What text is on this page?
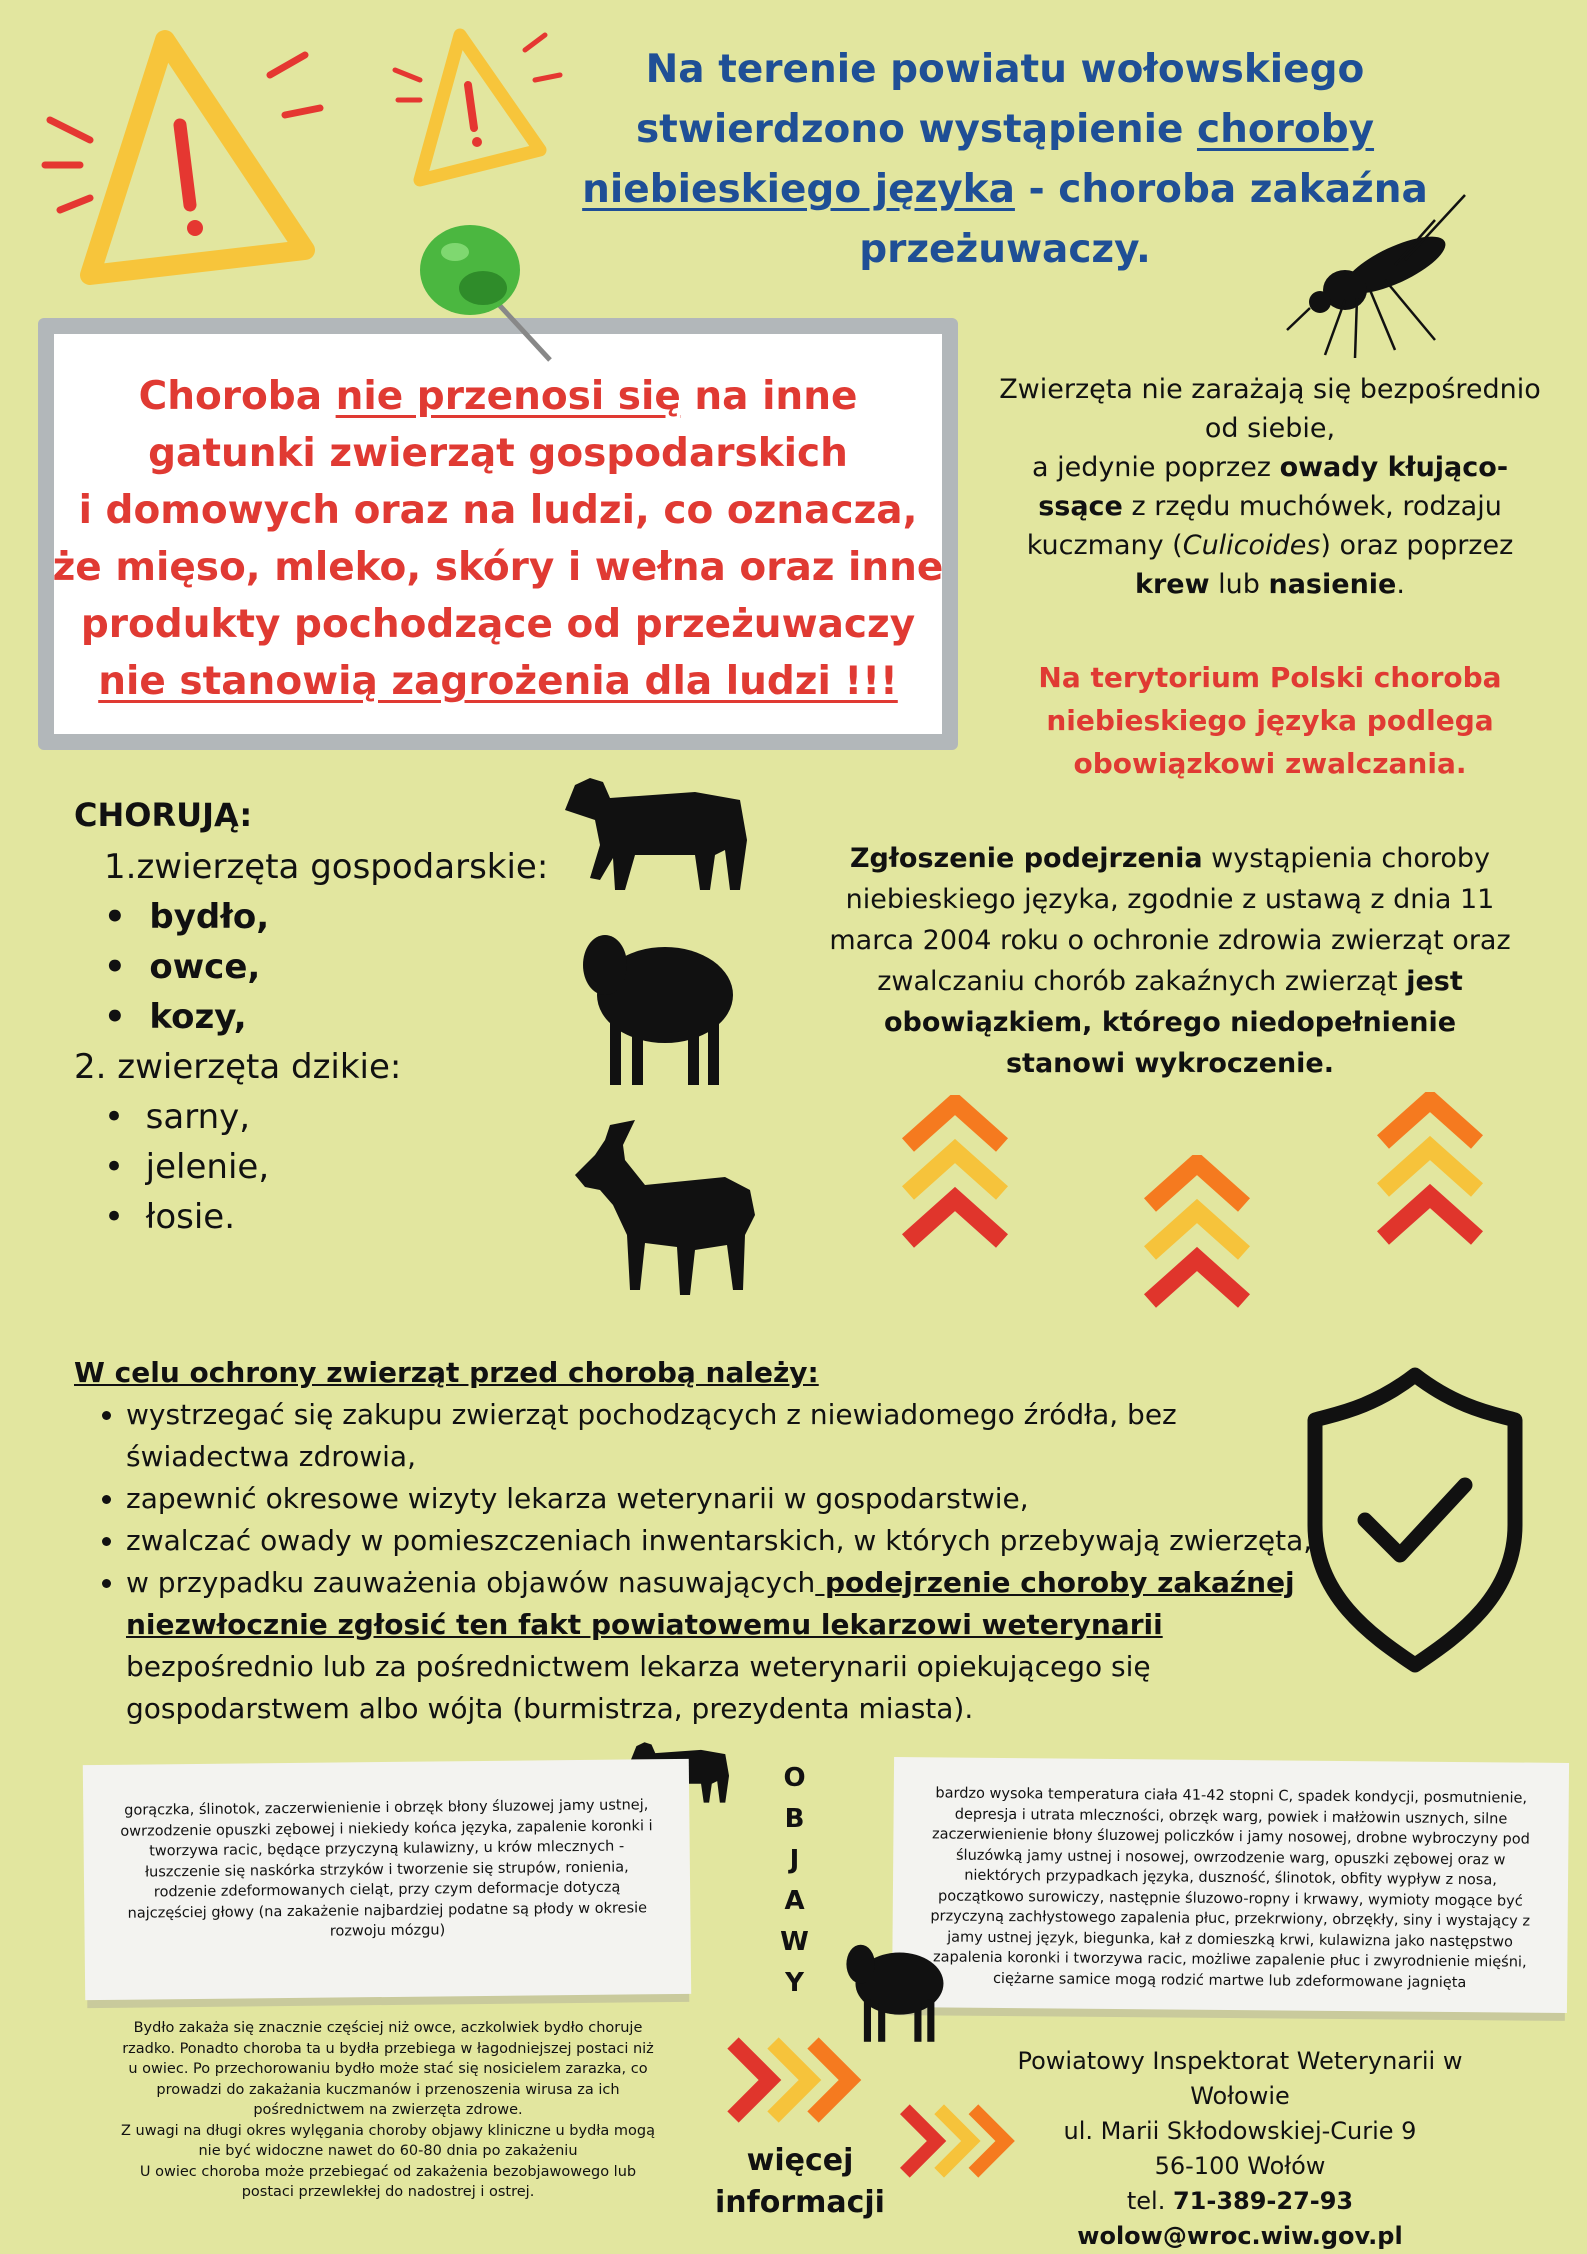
Na terenie powiatu wołowskiego stwierdzono wystąpienie choroby niebieskiego języka - choroba zakaźna przeżuwaczy.
Choroba nie przenosi się na inne gatunki zwierząt gospodarskich
i domowych oraz na ludzi, co oznacza,
że mięso, mleko, skóry i wełna oraz inne produkty pochodzące od przeżuwaczy nie stanowią zagrożenia dla ludzi !!!
Zwierzęta nie zarażają się bezpośrednio od siebie,
a jedynie poprzez owady kłująco-ssące z rzędu muchówek, rodzaju kuczmany (Culicoides) oraz poprzez krew lub nasienie.
Na terytorium Polski choroba niebieskiego języka podlega obowiązkowi zwalczania.
CHORUJĄ:
1.zwierzęta gospodarskie:
•  bydło,
•  owce,
•  kozy,
2. zwierzęta dzikie:
•  sarny,
•  jelenie,
•  łosie.
Zgłoszenie podejrzenia wystąpienia choroby niebieskiego języka, zgodnie z ustawą z dnia 11 marca 2004 roku o ochronie zdrowia zwierząt oraz zwalczaniu chorób zakaźnych zwierząt jest obowiązkiem, którego niedopełnienie stanowi wykroczenie.
W celu ochrony zwierząt przed chorobą należy:
• wystrzegać się zakupu zwierząt pochodzących z niewiadomego źródła, bez świadectwa zdrowia,
• zapewnić okresowe wizyty lekarza weterynarii w gospodarstwie,
• zwalczać owady w pomieszczeniach inwentarskich, w których przebywają zwierzęta,
• w przypadku zauważenia objawów nasuwających podejrzenie choroby zakaźnej niezwłocznie zgłosić ten fakt powiatowemu lekarzowi weterynarii bezpośrednio lub za pośrednictwem lekarza weterynarii opiekującego się gospodarstwem albo wójta (burmistrza, prezydenta miasta).
gorączka, ślinotok, zaczerwienienie i obrzęk błony śluzowej jamy ustnej, owrzodzenie opuszki zębowej i niekiedy końca języka, zapalenie koronki i tworzywa racic, będące przyczyną kulawizny, u krów mlecznych - łuszczenie się naskórka strzyków i tworzenie się strupów, ronienia, rodzenie zdeformowanych cieląt, przy czym deformacje dotyczą najczęściej głowy (na zakażenie najbardziej podatne są płody w okresie rozwoju mózgu)
O
B
J
A
W
Y
bardzo wysoka temperatura ciała 41-42 stopni C, spadek kondycji, posmutnienie, depresja i utrata mleczności, obrzęk warg, powiek i małżowin usznych, silne zaczerwienienie błony śluzowej policzków i jamy nosowej, drobne wybroczyny pod śluzówką jamy ustnej i nosowej, owrzodzenie warg, opuszki zębowej oraz w niektórych przypadkach języka, duszność, ślinotok, obfity wypływ z nosa, początkowo surowiczy, następnie śluzowo-ropny i krwawy, wymioty mogące być przyczyną zachłystowego zapalenia płuc, przekrwiony, obrzękły, siny i wystający z jamy ustnej język, biegunka, kał z domieszką krwi, kulawizna jako następstwo zapalenia koronki i tworzywa racic, możliwe zapalenie płuc i zwyrodnienie mięśni, ciężarne samice mogą rodzić martwe lub zdeformowane jagnięta
Bydło zakaża się znacznie częściej niż owce, aczkolwiek bydło choruje rzadko. Ponadto choroba ta u bydła przebiega w łagodniejszej postaci niż u owiec. Po przechorowaniu bydło może stać się nosicielem zarazka, co prowadzi do zakażania kuczmanów i przenoszenia wirusa za ich pośrednictwem na zwierzęta zdrowe.
Z uwagi na długi okres wylęgania choroby objawy kliniczne u bydła mogą nie być widoczne nawet do 60-80 dnia po zakażeniu
U owiec choroba może przebiegać od zakażenia bezobjawowego lub postaci przewlekłej do nadostrej i ostrej.
więcej informacji
Powiatowy Inspektorat Weterynarii w Wołowie
ul. Marii Skłodowskiej-Curie 9
56-100 Wołów
tel. 71-389-27-93
wolow@wroc.wiw.gov.pl
